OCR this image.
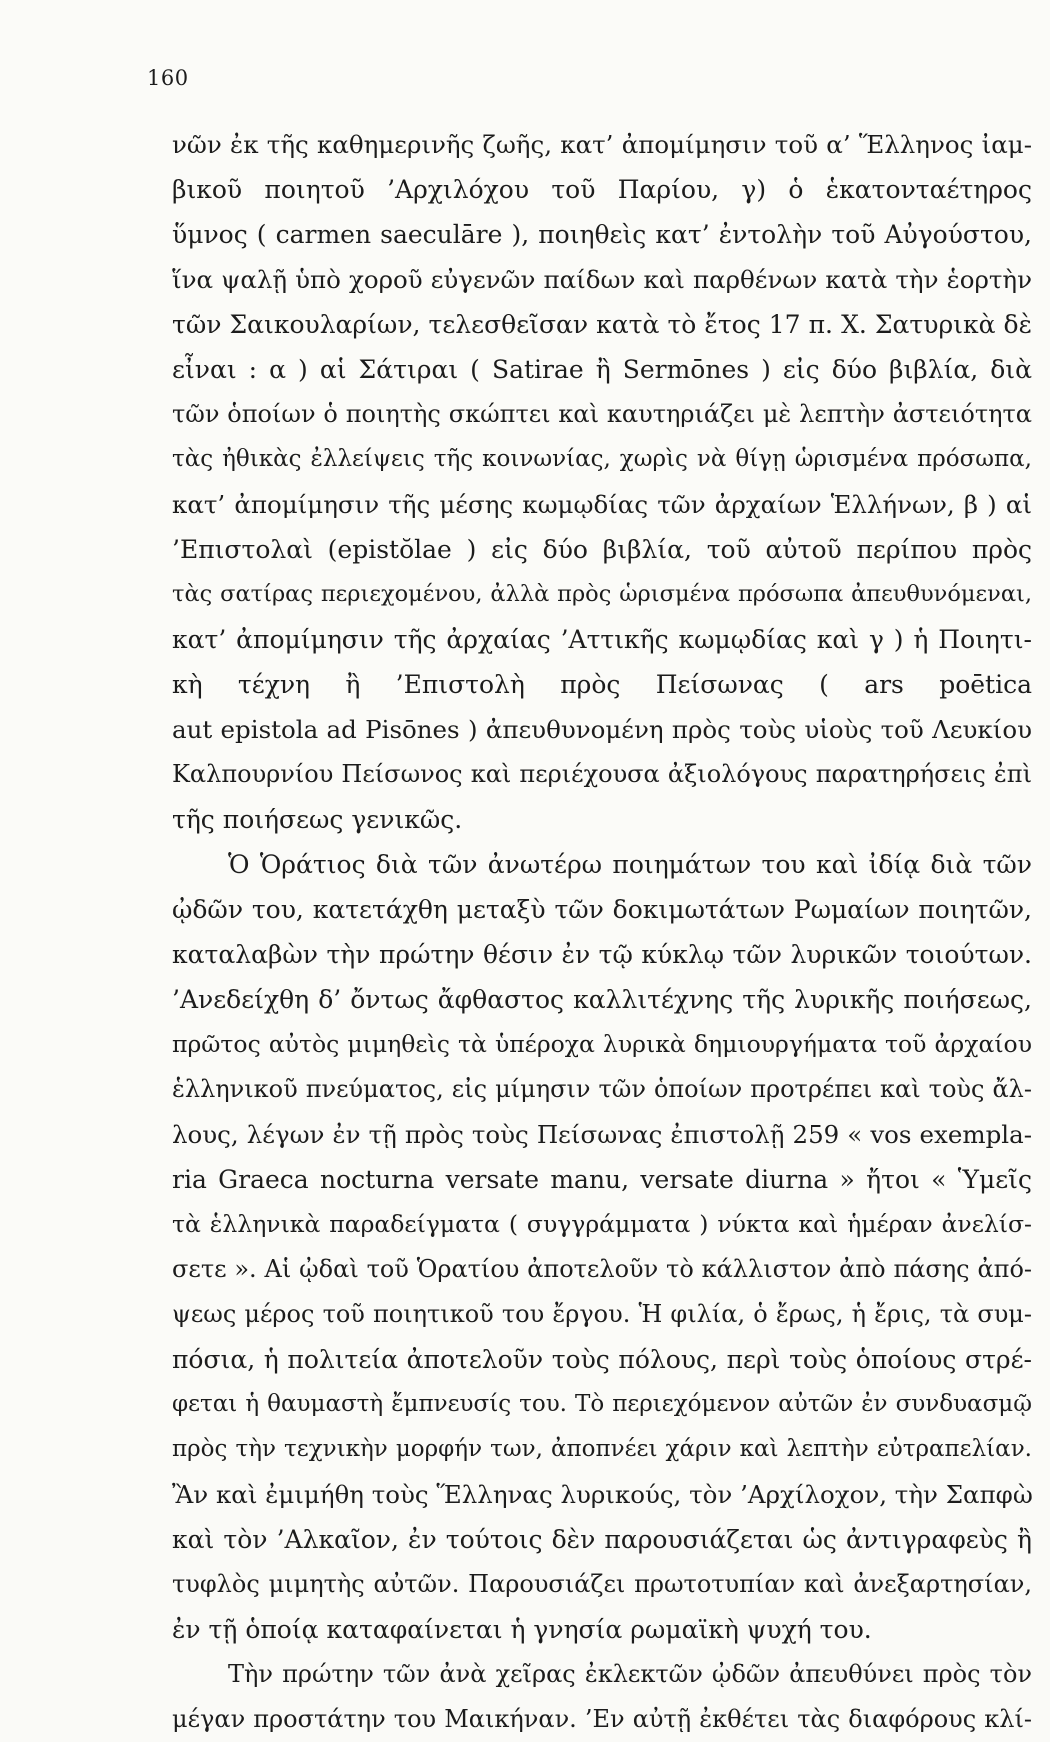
160

νῶν ἐκ τῆς καθημερινῆς ζωῆς, κατ’ ἀπομίμησιν τοῦ α’ Ἕλληνος ἰαμ-

βικοῦ ποιητοῦ ’Αρχιλόχου τοῦ Παρίου, γ) ὁ ἑκατονταέτηρος

ὕμνος ( carmen saeculāre ), ποιηθεὶς κατ’ ἐντολὴν τοῦ Αὐγούστου,

ἵνα ψαλῇ ὑπὸ χοροῦ εὐγενῶν παίδων καὶ παρθένων κατὰ τὴν ἑορτὴν

τῶν Σαικουλαρίων, τελεσθεῖσαν κατὰ τὸ ἔτος 17 π. Χ. Σατυρικὰ δὲ

εἶναι : α ) αἱ Σάτιραι ( Satirae ἢ Sermōnes ) εἰς δύο βιβλία, διὰ

τῶν ὁποίων ὁ ποιητὴς σκώπτει καὶ καυτηριάζει μὲ λεπτὴν ἀστειότητα

τὰς ἠθικὰς ἐλλείψεις τῆς κοινωνίας, χωρὶς νὰ θίγῃ ὡρισμένα πρόσωπα,

κατ’ ἀπομίμησιν τῆς μέσης κωμῳδίας τῶν ἀρχαίων Ἑλλήνων, β ) αἱ

’Επιστολαὶ (epistŏlae ) εἰς δύο βιβλία, τοῦ αὐτοῦ περίπου πρὸς

τὰς σατίρας περιεχομένου, ἀλλὰ πρὸς ὡρισμένα πρόσωπα ἀπευθυνόμεναι,

κατ’ ἀπομίμησιν τῆς ἀρχαίας ’Αττικῆς κωμῳδίας καὶ γ ) ἡ Ποιητι-

κὴ τέχνη ἢ ’Επιστολὴ πρὸς Πείσωνας ( ars poētica

aut epistola ad Pisōnes ) ἀπευθυνομένη πρὸς τοὺς υἱοὺς τοῦ Λευκίου

Καλπουρνίου Πείσωνος καὶ περιέχουσα ἀξιολόγους παρατηρήσεις ἐπὶ

τῆς ποιήσεως γενικῶς.

Ὁ Ὁράτιος διὰ τῶν ἀνωτέρω ποιημάτων του καὶ ἰδίᾳ διὰ τῶν

ᾠδῶν του, κατετάχθη μεταξὺ τῶν δοκιμωτάτων Ρωμαίων ποιητῶν,

καταλαβὼν τὴν πρώτην θέσιν ἐν τῷ κύκλῳ τῶν λυρικῶν τοιούτων.

’Ανεδείχθη δ’ ὄντως ἄφθαστος καλλιτέχνης τῆς λυρικῆς ποιήσεως,

πρῶτος αὐτὸς μιμηθεὶς τὰ ὑπέροχα λυρικὰ δημιουργήματα τοῦ ἀρχαίου

ἑλληνικοῦ πνεύματος, εἰς μίμησιν τῶν ὁποίων προτρέπει καὶ τοὺς ἄλ-

λους, λέγων ἐν τῇ πρὸς τοὺς Πείσωνας ἐπιστολῇ 259 « vos exempla-

ria Graeca nocturna versate manu, versate diurna » ἤτοι « Ὑμεῖς

τὰ ἑλληνικὰ παραδείγματα ( συγγράμματα ) νύκτα καὶ ἡμέραν ἀνελίσ-

σετε ». Αἱ ᾠδαὶ τοῦ Ὁρατίου ἀποτελοῦν τὸ κάλλιστον ἀπὸ πάσης ἀπό-

ψεως μέρος τοῦ ποιητικοῦ του ἔργου. Ἡ φιλία, ὁ ἔρως, ἡ ἔρις, τὰ συμ-

πόσια, ἡ πολιτεία ἀποτελοῦν τοὺς πόλους, περὶ τοὺς ὁποίους στρέ-

φεται ἡ θαυμαστὴ ἔμπνευσίς του. Τὸ περιεχόμενον αὐτῶν ἐν συνδυασμῷ

πρὸς τὴν τεχνικὴν μορφήν των, ἀποπνέει χάριν καὶ λεπτὴν εὐτραπελίαν.

Ἂν καὶ ἐμιμήθη τοὺς Ἕλληνας λυρικούς, τὸν ’Αρχίλοχον, τὴν Σαπφὼ

καὶ τὸν ’Αλκαῖον, ἐν τούτοις δὲν παρουσιάζεται ὡς ἀντιγραφεὺς ἢ

τυφλὸς μιμητὴς αὐτῶν. Παρουσιάζει πρωτοτυπίαν καὶ ἀνεξαρτησίαν,

ἐν τῇ ὁποίᾳ καταφαίνεται ἡ γνησία ρωμαϊκὴ ψυχή του.

Τὴν πρώτην τῶν ἀνὰ χεῖρας ἐκλεκτῶν ᾠδῶν ἀπευθύνει πρὸς τὸν

μέγαν προστάτην του Μαικήναν. ’Εν αὐτῇ ἐκθέτει τὰς διαφόρους κλί-
